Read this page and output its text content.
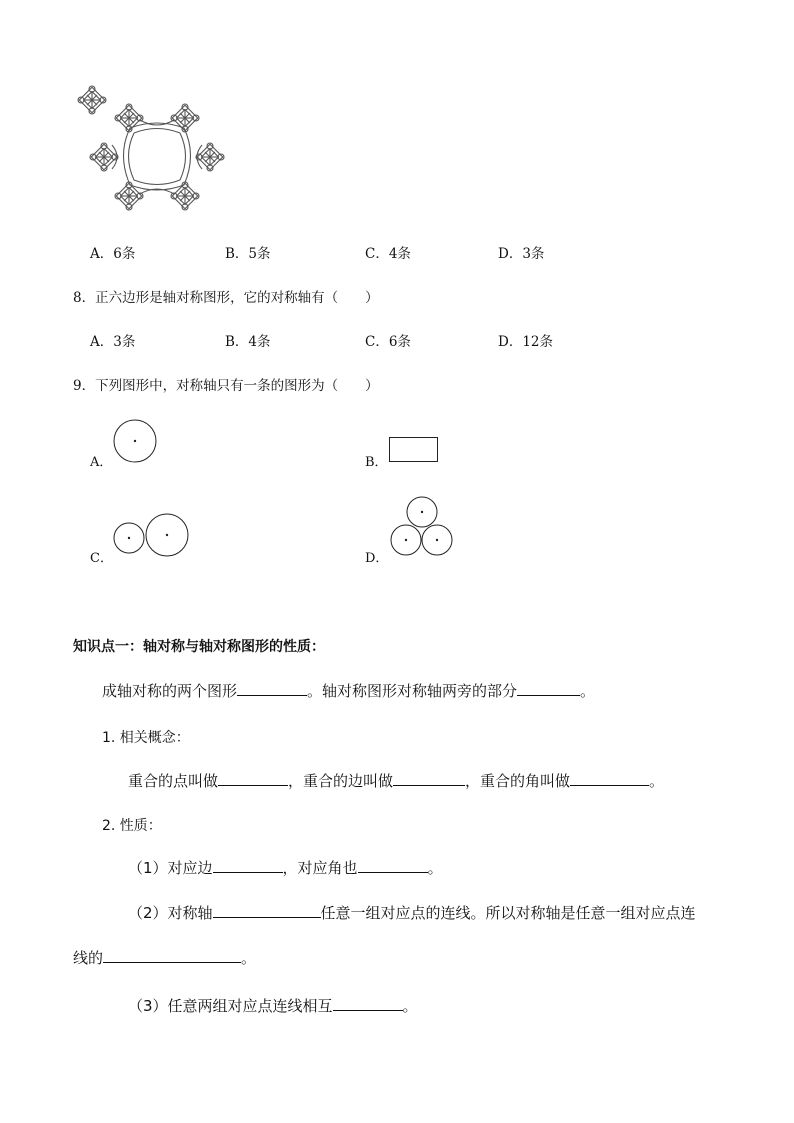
A．6条	B．5条	C．4条	D．3条
8．正六边形是轴对称图形，它的对称轴有（　　）
A．3条	B．4条	C．6条	D．12条
9．下列图形中，对称轴只有一条的图形为（　　）
A．	B．
C．	D．
知识点一：轴对称与轴对称图形的性质：
成轴对称的两个图形	。轴对称图形对称轴两旁的部分	。
1. 相关概念：
重合的点叫做	，重合的边叫做	，重合的角叫做	。
2. 性质：
（1）对应边	，对应角也	。
（2）对称轴	任意一组对应点的连线。所以对称轴是任意一组对应点连
线的	。
（3）任意两组对应点连线相互	。
